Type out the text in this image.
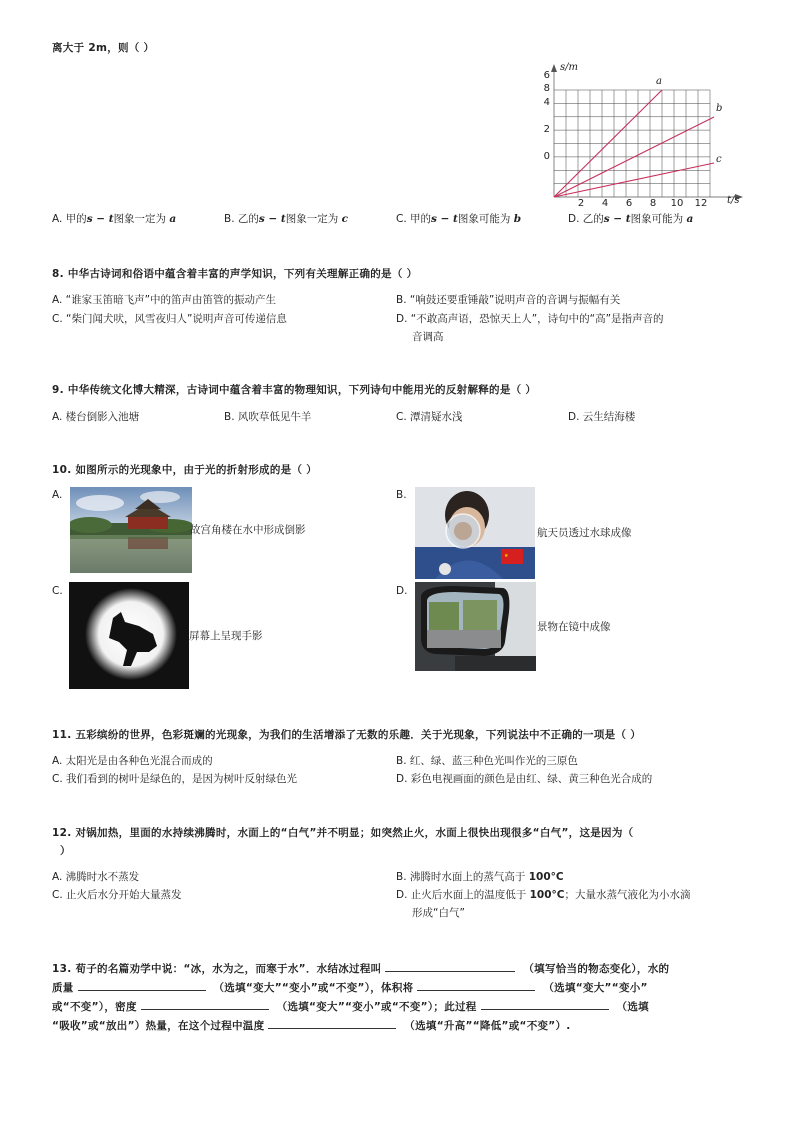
离大于 2m，则（ ）
0
2
4
6
8
2	4	6	8	10 12
s/m
t/s
a
b
c
A. 甲的s − t图象一定为 a	B. 乙的s − t图象一定为 c	C. 甲的s − t图象可能为 b	D. 乙的s − t图象可能为 a
8. 中华古诗词和俗语中蕴含着丰富的声学知识，下列有关理解正确的是（ ）
A. “谁家玉笛暗飞声”中的笛声由笛管的振动产生	B. “响鼓还要重锤敲”说明声音的音调与振幅有关
C. “柴门闻犬吠，风雪夜归人”说明声音可传递信息	D. “不敢高声语，恐惊天上人”，诗句中的“高”是指声音的
音调高
9. 中华传统文化博大精深，古诗词中蕴含着丰富的物理知识，下列诗句中能用光的反射解释的是（ ）
A. 楼台倒影入池塘	B. 风吹草低见牛羊	C. 潭清疑水浅	D. 云生结海楼
10. 如图所示的光现象中，由于光的折射形成的是（ ）
A.
故宫角楼在水中形成倒影
B.
★
航天员透过水球成像
C.
屏幕上呈现手影
D.
景物在镜中成像
11. 五彩缤纷的世界，色彩斑斓的光现象，为我们的生活增添了无数的乐趣．关于光现象，下列说法中不正确的一项是（ ）
A. 太阳光是由各种色光混合而成的	B. 红、绿、蓝三种色光叫作光的三原色
C. 我们看到的树叶是绿色的，是因为树叶反射绿色光	D. 彩色电视画面的颜色是由红、绿、黄三种色光合成的
12. 对锅加热，里面的水持续沸腾时，水面上的“白气”并不明显；如突然止火，水面上很快出现很多“白气”，这是因为（
）
A. 沸腾时水不蒸发	B. 沸腾时水面上的蒸气高于 100°C
C. 止火后水分开始大量蒸发	D. 止火后水面上的温度低于 100°C；大量水蒸气液化为小水滴
形成“白气”
13. 荀子的名篇劝学中说：“冰，水为之，而寒于水”．水结冰过程叫	（填写恰当的物态变化），水的
质量	（选填“变大”“变小”或“不变”），体积将	（选填“变大”“变小”
或“不变”），密度	（选填“变大”“变小”或“不变”）；此过程	（选填
“吸收”或“放出”）热量，在这个过程中温度	（选填“升高”“降低”或“不变”）.
